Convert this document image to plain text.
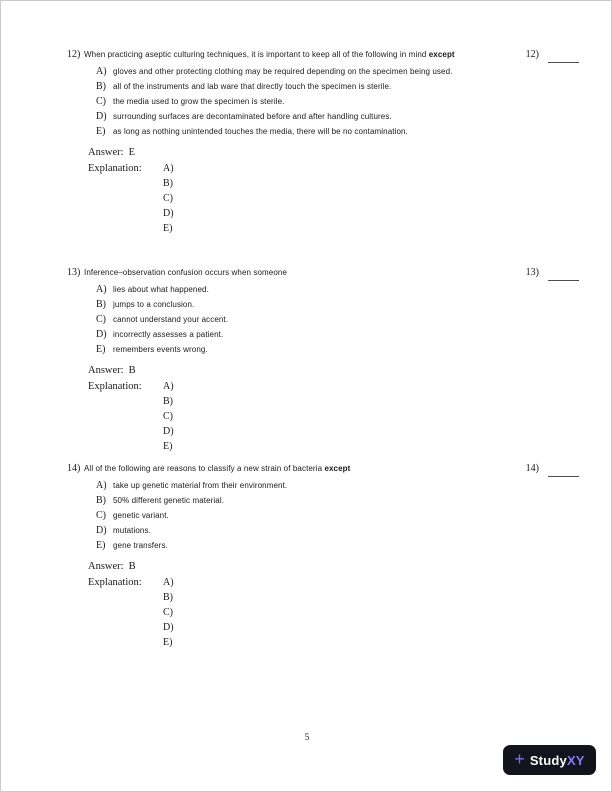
12) When practicing aseptic culturing techniques, it is important to keep all of the following in mind except	12)
A) gloves and other protecting clothing may be required depending on the specimen being used.
B) all of the instruments and lab ware that directly touch the specimen is sterile.
C) the media used to grow the specimen is sterile.
D) surrounding surfaces are decontaminated before and after handling cultures.
E) as long as nothing unintended touches the media, there will be no contamination.
Answer: E
Explanation:	A)
B)
C)
D)
E)
13) Inference–observation confusion occurs when someone	13)
A) lies about what happened.
B) jumps to a conclusion.
C) cannot understand your accent.
D) incorrectly assesses a patient.
E) remembers events wrong.
Answer: B
Explanation:	A)
B)
C)
D)
E)
14) All of the following are reasons to classify a new strain of bacteria except	14)
A) take up genetic material from their environment.
B) 50% different genetic material.
C) genetic variant.
D) mutations.
E) gene transfers.
Answer: B
Explanation:	A)
B)
C)
D)
E)
5
+ StudyXY
